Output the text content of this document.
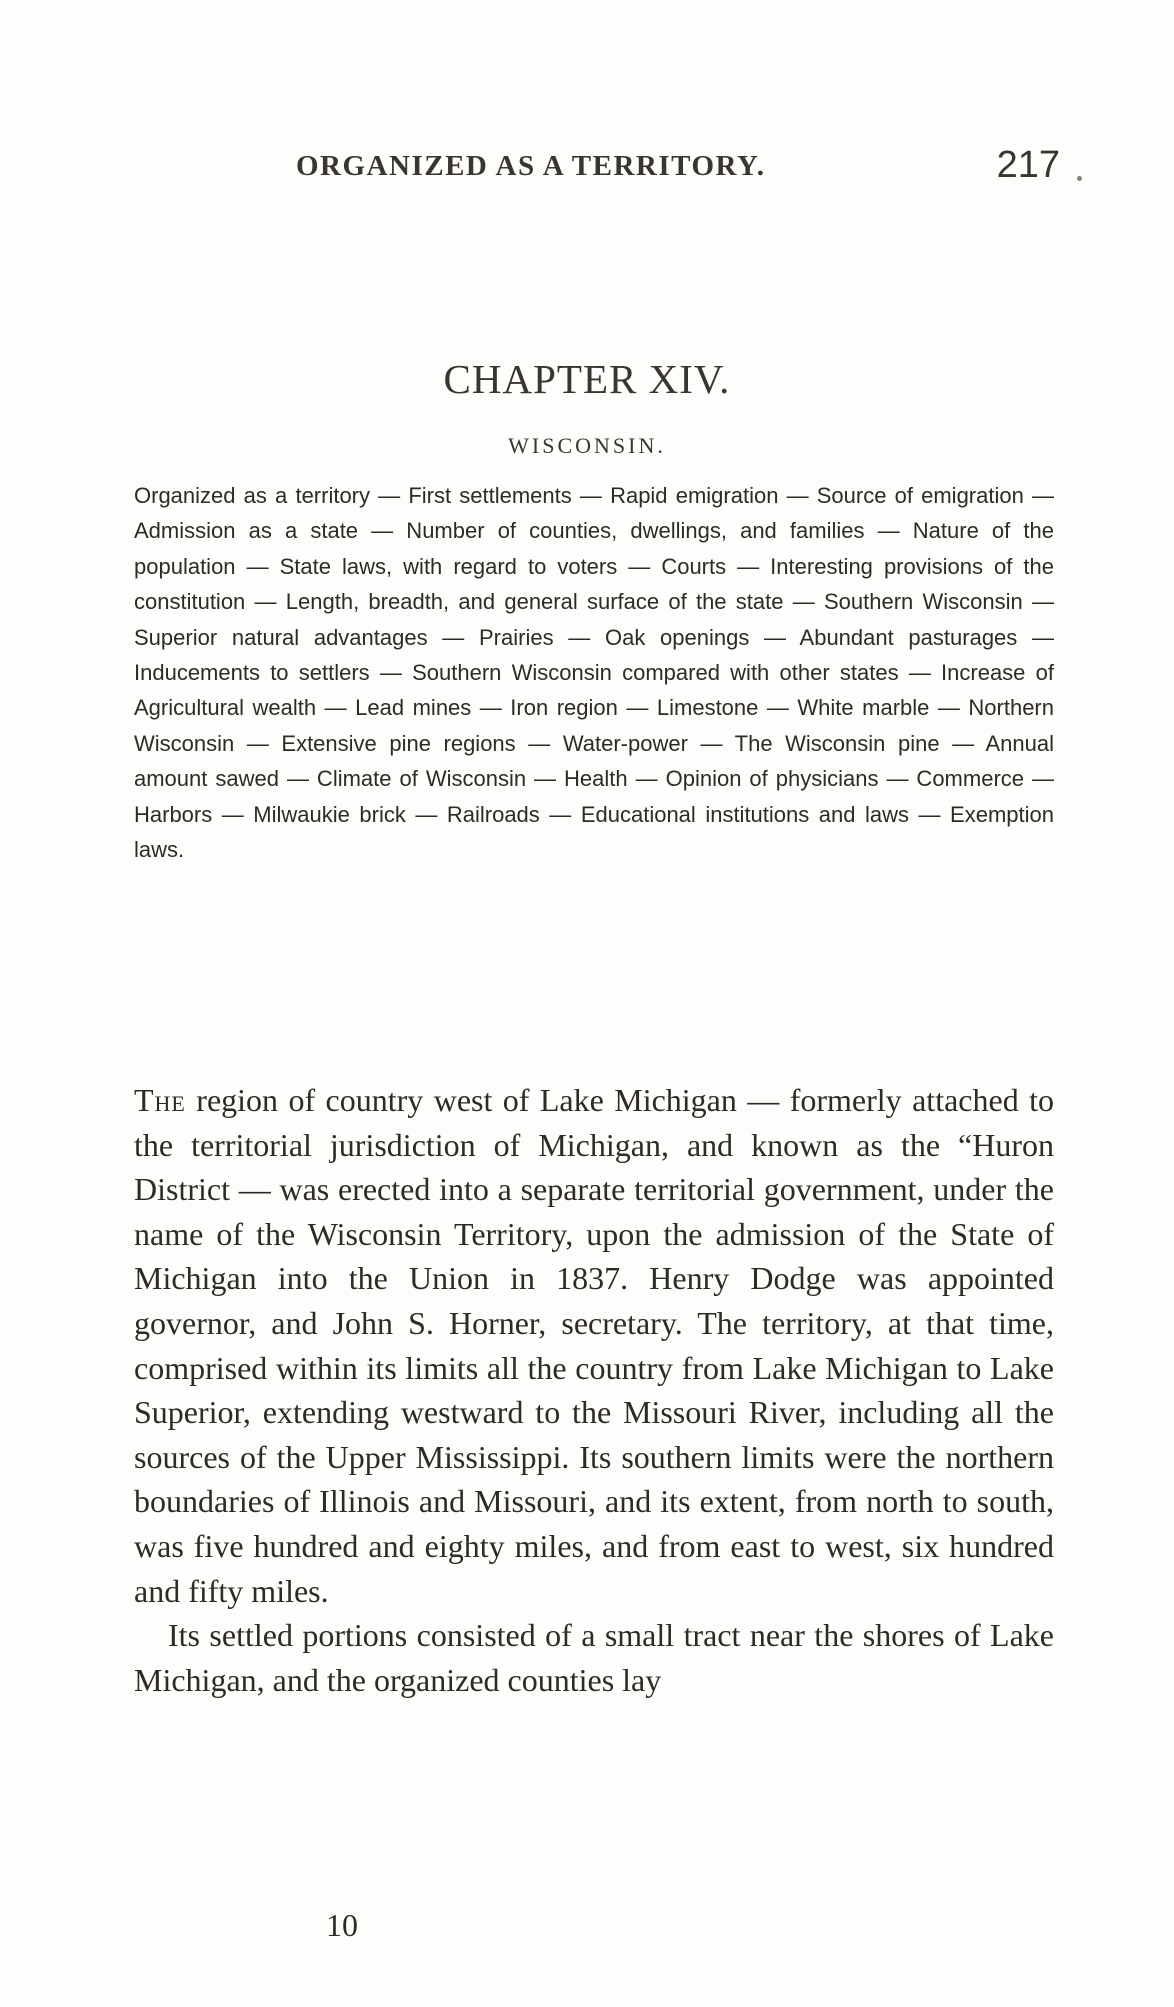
ORGANIZED AS A TERRITORY.	217
CHAPTER XIV.
WISCONSIN.

Organized as a territory — First settlements — Rapid emigration — Source of emigration — Admission as a state — Number of counties, dwellings, and families — Nature of the population — State laws, with regard to voters — Courts — Interesting provisions of the constitution — Length, breadth, and general surface of the state — Southern Wisconsin — Superior natural advantages — Prairies — Oak openings — Abundant pasturages — Inducements to settlers — Southern Wisconsin compared with other states — Increase of Agricultural wealth — Lead mines — Iron region — Limestone — White marble — Northern Wisconsin — Extensive pine regions — Water-power — The Wisconsin pine — Annual amount sawed — Climate of Wisconsin — Health — Opinion of physicians — Commerce — Harbors — Milwaukie brick — Railroads — Educational institutions and laws — Exemption laws.

The region of country west of Lake Michigan — formerly attached to the territorial jurisdiction of Michigan, and known as the “Huron District — was erected into a separate territorial government, under the name of the Wisconsin Territory, upon the admission of the State of Michigan into the Union in 1837. Henry Dodge was appointed governor, and John S. Horner, secretary. The territory, at that time, comprised within its limits all the country from Lake Michigan to Lake Superior, extending westward to the Missouri River, including all the sources of the Upper Mississippi. Its southern limits were the northern boundaries of Illinois and Missouri, and its extent, from north to south, was five hundred and eighty miles, and from east to west, six hundred and fifty miles.

Its settled portions consisted of a small tract near the shores of Lake Michigan, and the organized counties lay

10
